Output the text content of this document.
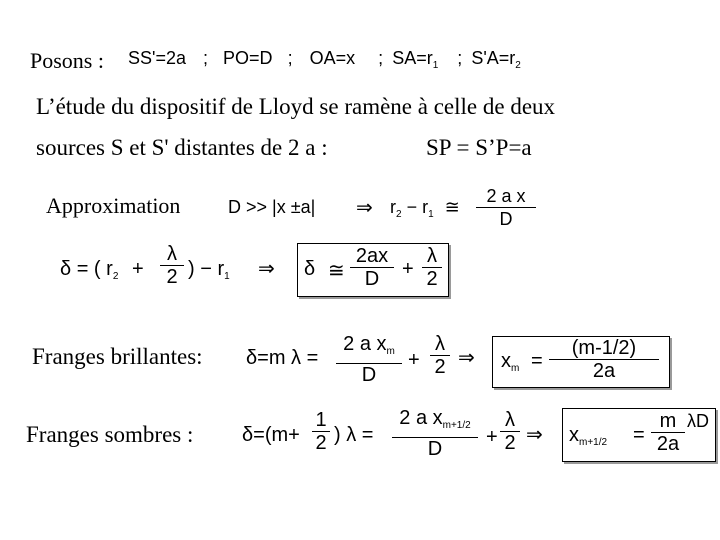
Posons : SS'=2a ; PO=D ; OA=x ; $SA=r_1$ ; $S'A=r_2$
L’étude du dispositif de Lloyd se ramène à celle de deux
sources S et S' distantes de 2 a :	SP = S’P=a
Approximation	D >> |x ±a| ⇒ $r_2 - r_1$ ≅
2 a x
D
δ = ( $r_2$ +
λ
2 ) − $r_1$ ⇒ δ ≅
2ax
D	+
λ
2
Franges brillantes: δ=m λ =
2 a $x_m$
D
+
λ
2 ⇒ $x_m$ =
(m-1/2)
2a
Franges sombres : δ=(m+
1
2 ) λ =
2 a $x_{m+1/2}$
D
+
λ
2 ⇒ $x_{m+1/2}$ =
m
2a
λD
